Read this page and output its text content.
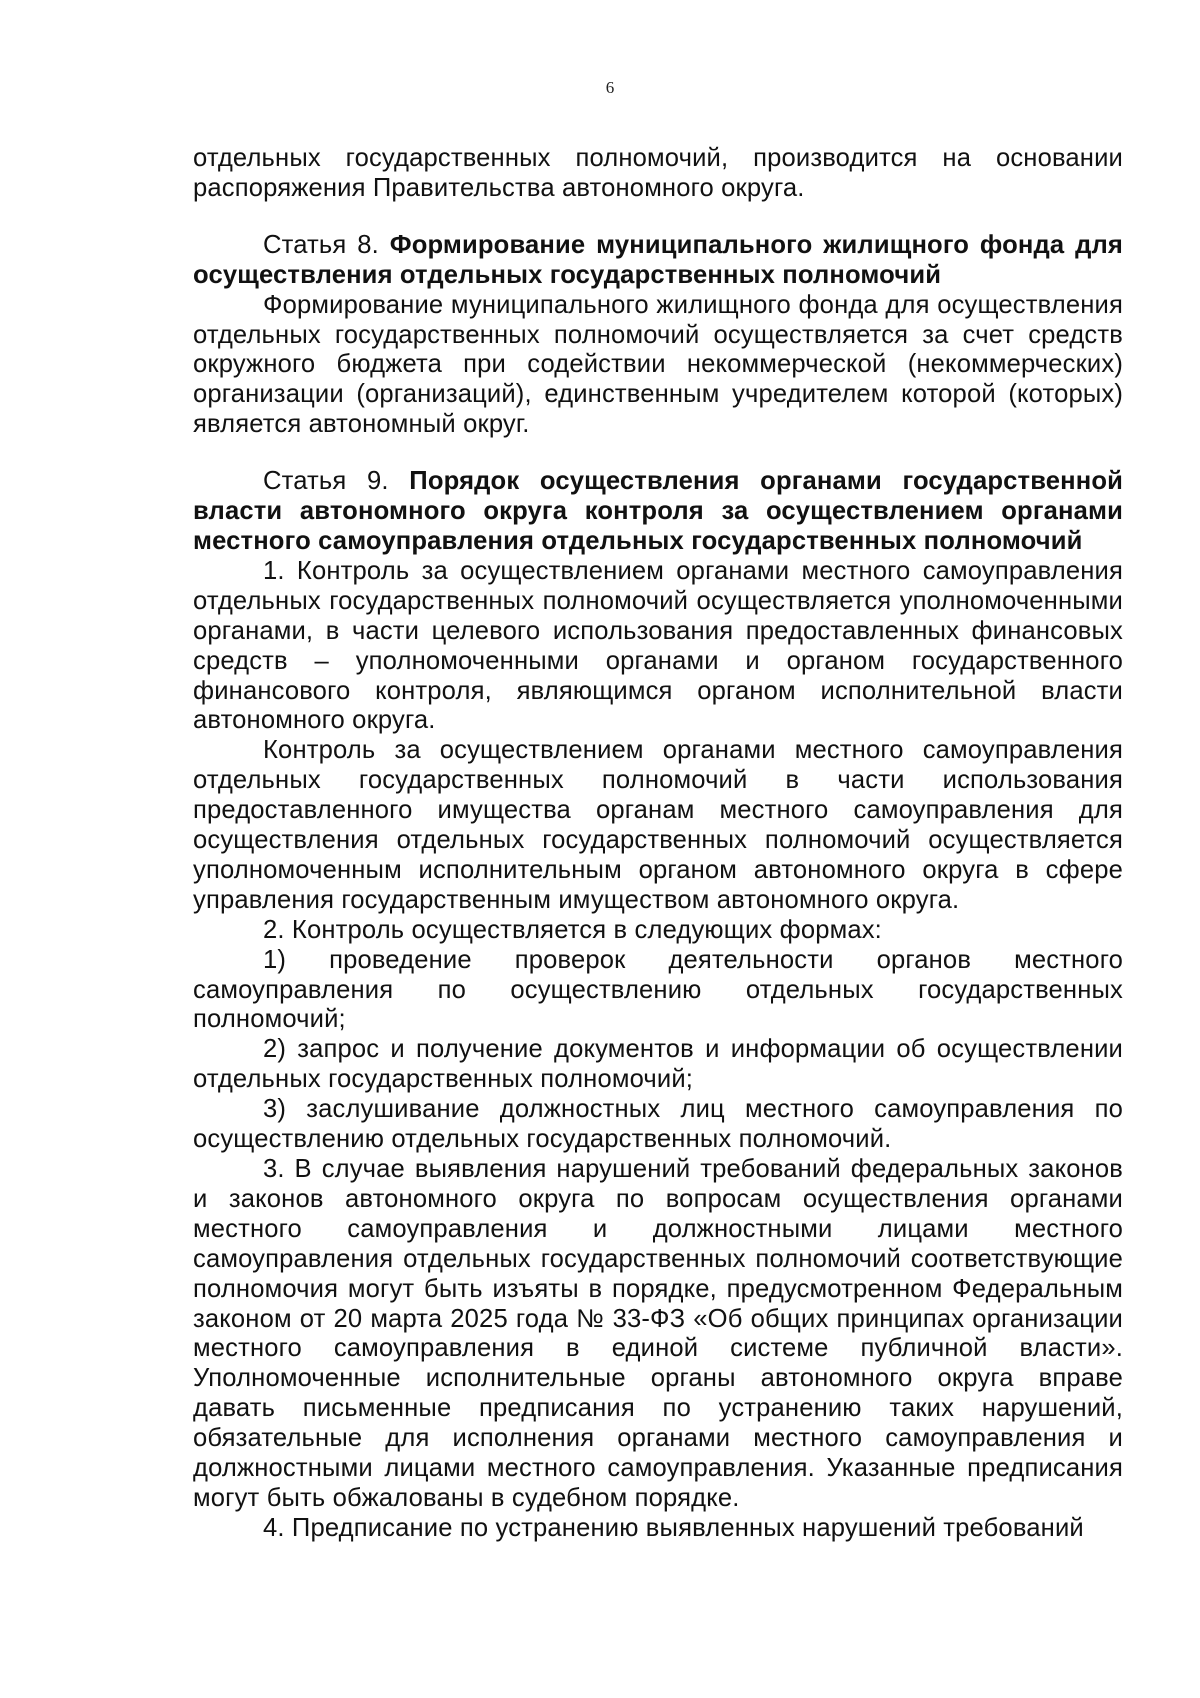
6

отдельных государственных полномочий, производится на основании распоряжения Правительства автономного округа.

Статья 8. Формирование муниципального жилищного фонда для осуществления отдельных государственных полномочий

Формирование муниципального жилищного фонда для осуществления отдельных государственных полномочий осуществляется за счет средств окружного бюджета при содействии некоммерческой (некоммерческих) организации (организаций), единственным учредителем которой (которых) является автономный округ.

Статья 9. Порядок осуществления органами государственной власти автономного округа контроля за осуществлением органами местного самоуправления отдельных государственных полномочий

1. Контроль за осуществлением органами местного самоуправления отдельных государственных полномочий осуществляется уполномоченными органами, в части целевого использования предоставленных финансовых средств – уполномоченными органами и органом государственного финансового контроля, являющимся органом исполнительной власти автономного округа.

Контроль за осуществлением органами местного самоуправления отдельных государственных полномочий в части использования предоставленного имущества органам местного самоуправления для осуществления отдельных государственных полномочий осуществляется уполномоченным исполнительным органом автономного округа в сфере управления государственным имуществом автономного округа.

2. Контроль осуществляется в следующих формах:

1) проведение проверок деятельности органов местного самоуправления по осуществлению отдельных государственных полномочий;

2) запрос и получение документов и информации об осуществлении отдельных государственных полномочий;

3) заслушивание должностных лиц местного самоуправления по осуществлению отдельных государственных полномочий.

3. В случае выявления нарушений требований федеральных законов и законов автономного округа по вопросам осуществления органами местного самоуправления и должностными лицами местного самоуправления отдельных государственных полномочий соответствующие полномочия могут быть изъяты в порядке, предусмотренном Федеральным законом от 20 марта 2025 года № 33-ФЗ «Об общих принципах организации местного самоуправления в единой системе публичной власти». Уполномоченные исполнительные органы автономного округа вправе давать письменные предписания по устранению таких нарушений, обязательные для исполнения органами местного самоуправления и должностными лицами местного самоуправления. Указанные предписания могут быть обжалованы в судебном порядке.

4. Предписание по устранению выявленных нарушений требований
